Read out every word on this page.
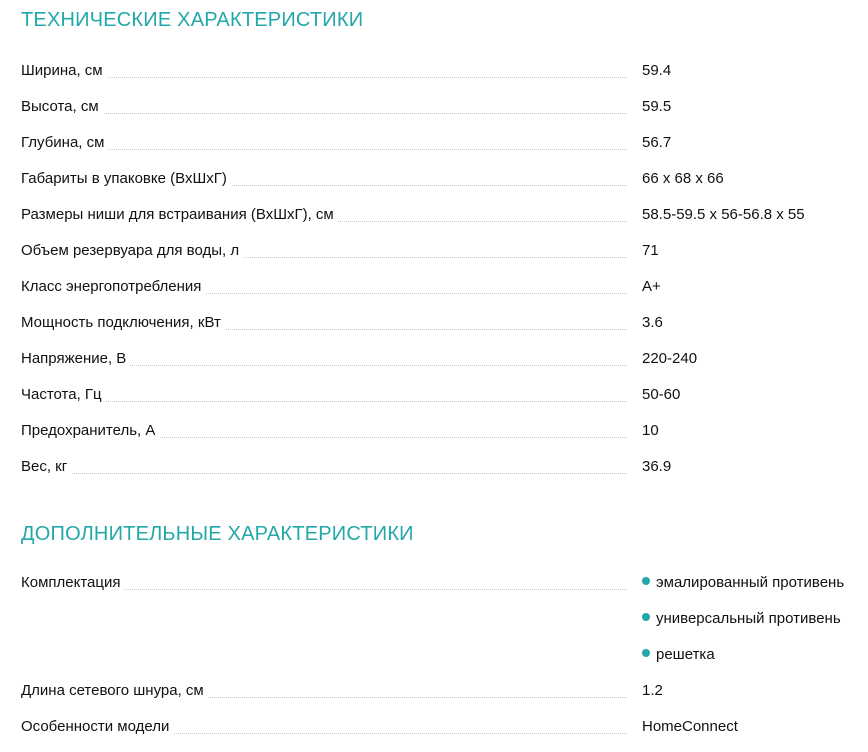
ТЕХНИЧЕСКИЕ ХАРАКТЕРИСТИКИ
Ширина, см	59.4
Высота, см	59.5
Глубина, см	56.7
Габариты в упаковке (ВхШхГ)	66 x 68 x 66
Размеры ниши для встраивания (ВхШхГ), см	58.5-59.5 x 56-56.8 x 55
Объем резервуара для воды, л	71
Класс энергопотребления	A+
Мощность подключения, кВт	3.6
Напряжение, В	220-240
Частота, Гц	50-60
Предохранитель, А	10
Вес, кг	36.9
ДОПОЛНИТЕЛЬНЫЕ ХАРАКТЕРИСТИКИ
Комплектация	эмалированный противень
универсальный противень
решетка
Длина сетевого шнура, см	1.2
Особенности модели	HomeConnect
